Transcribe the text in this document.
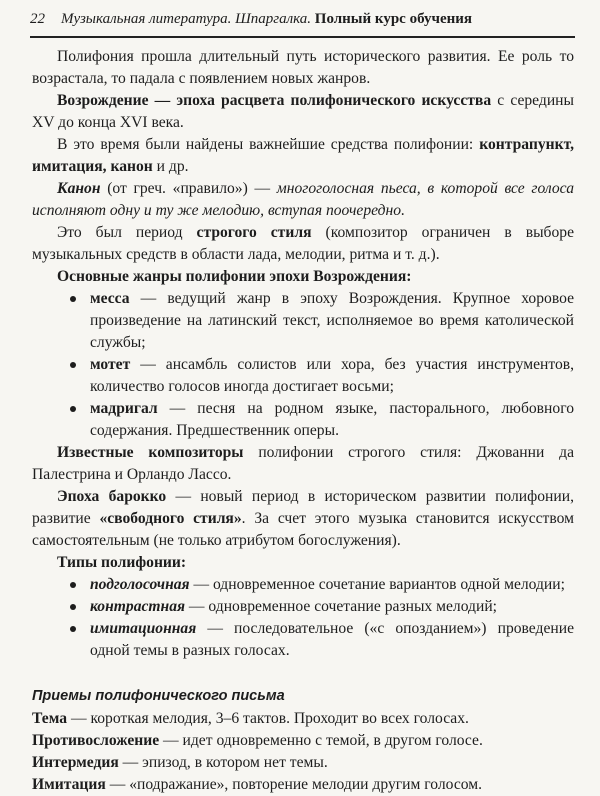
22 Музыкальная литература. Шпаргалка. Полный курс обучения

Полифония прошла длительный путь исторического развития. Ее роль то возрастала, то падала с появлением новых жанров.

Возрождение — эпоха расцвета полифонического искусства с середины XV до конца XVI века.

В это время были найдены важнейшие средства полифонии: контрапункт, имитация, канон и др.

Канон (от греч. «правило») — многоголосная пьеса, в которой все голоса исполняют одну и ту же мелодию, вступая поочередно.

Это был период строгого стиля (композитор ограничен в выборе музыкальных средств в области лада, мелодии, ритма и т. д.).

Основные жанры полифонии эпохи Возрождения:
месса — ведущий жанр в эпоху Возрождения. Крупное хоровое произведение на латинский текст, исполняемое во время католической службы;
мотет — ансамбль солистов или хора, без участия инструментов, количество голосов иногда достигает восьми;
мадригал — песня на родном языке, пасторального, любовного содержания. Предшественник оперы.

Известные композиторы полифонии строгого стиля: Джованни да Палестрина и Орландо Лассо.

Эпоха барокко — новый период в историческом развитии полифонии, развитие «свободного стиля». За счет этого музыка становится искусством самостоятельным (не только атрибутом богослужения).

Типы полифонии:
подголосочная — одновременное сочетание вариантов одной мелодии;
контрастная — одновременное сочетание разных мелодий;
имитационная — последовательное («с опозданием») проведение одной темы в разных голосах.
Приемы полифонического письма
Тема — короткая мелодия, 3–6 тактов. Проходит во всех голосах.
Противосложение — идет одновременно с темой, в другом голосе.
Интермедия — эпизод, в котором нет темы.
Имитация — «подражание», повторение мелодии другим голосом.
